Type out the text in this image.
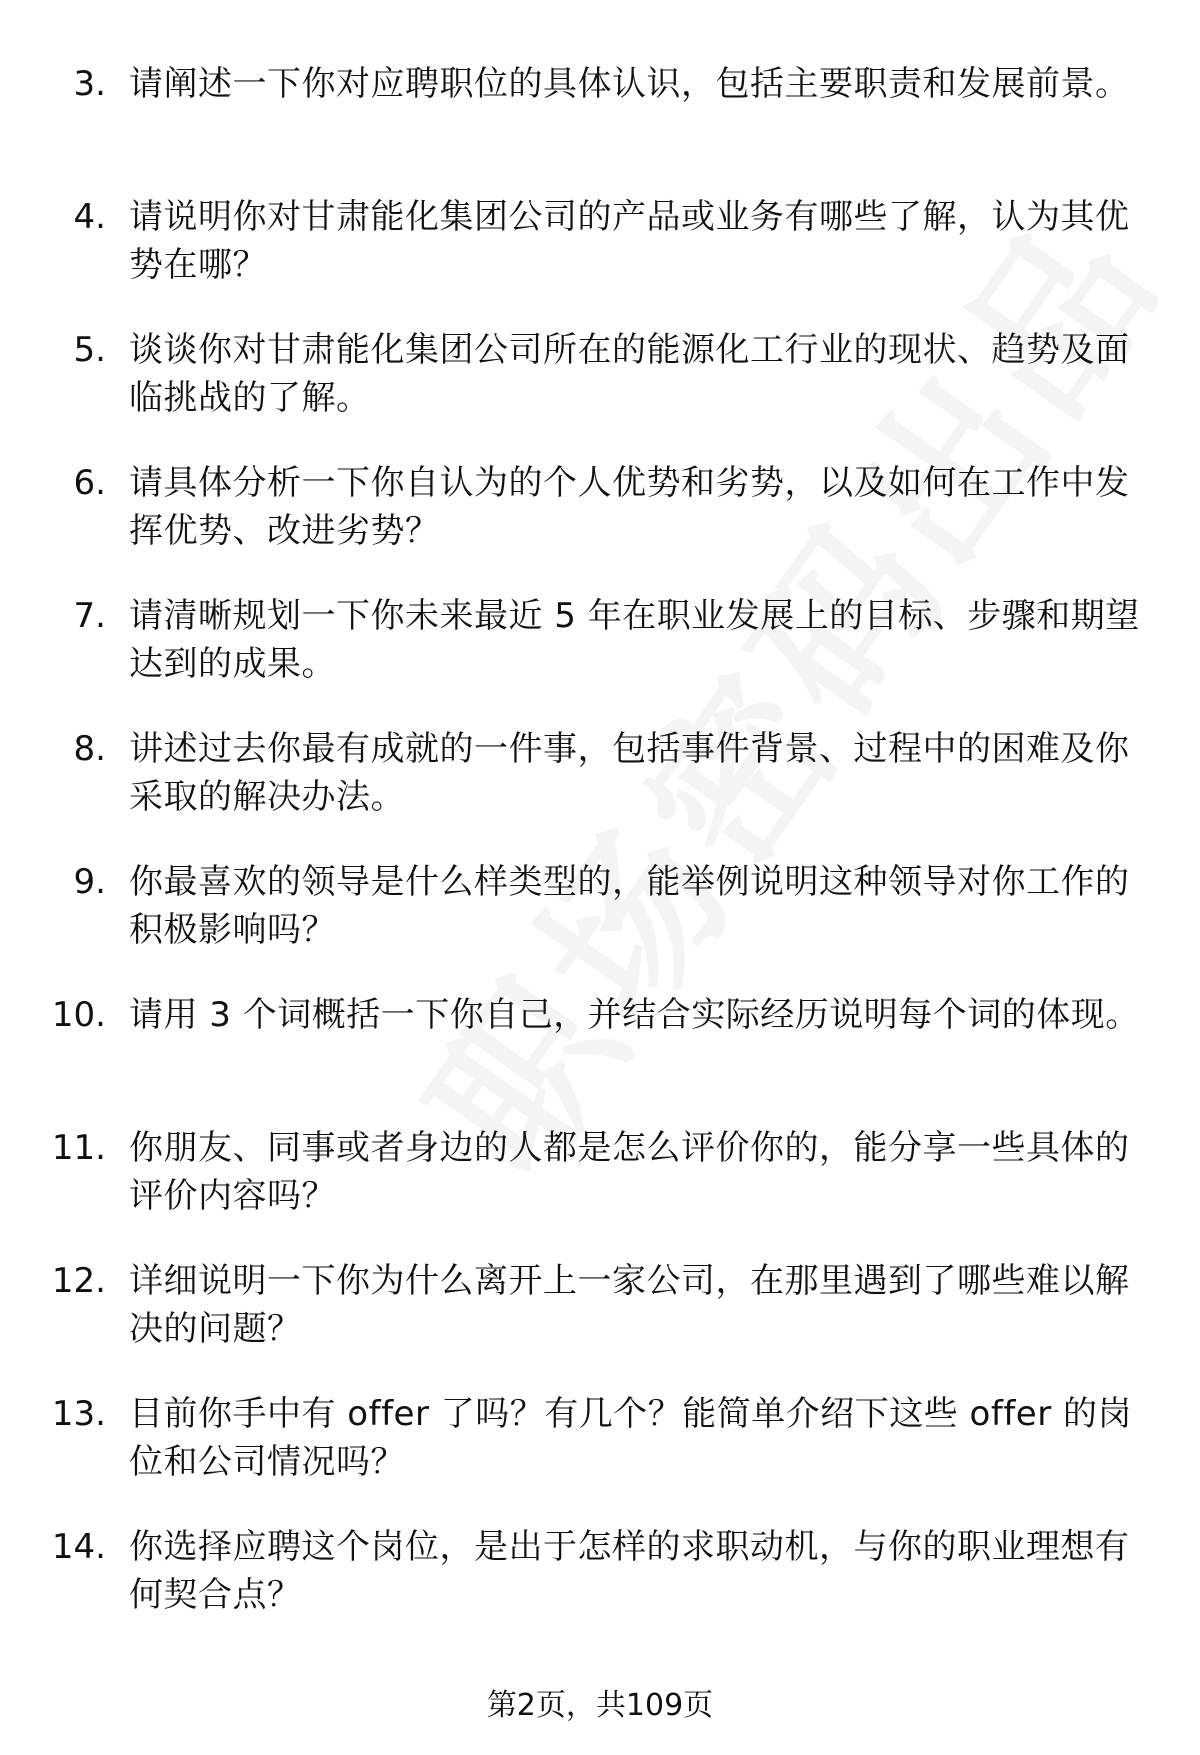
3. 请阐述一下你对应聘职位的具体认识，包括主要职责和发展前景。
4. 请说明你对甘肃能化集团公司的产品或业务有哪些了解，认为其优势在哪？
5. 谈谈你对甘肃能化集团公司所在的能源化工行业的现状、趋势及面临挑战的了解。
6. 请具体分析一下你自认为的个人优势和劣势，以及如何在工作中发挥优势、改进劣势？
7. 请清晰规划一下你未来最近 5 年在职业发展上的目标、步骤和期望达到的成果。
8. 讲述过去你最有成就的一件事，包括事件背景、过程中的困难及你采取的解决办法。
9. 你最喜欢的领导是什么样类型的，能举例说明这种领导对你工作的积极影响吗？
10. 请用 3 个词概括一下你自己，并结合实际经历说明每个词的体现。
11. 你朋友、同事或者身边的人都是怎么评价你的，能分享一些具体的评价内容吗？
12. 详细说明一下你为什么离开上一家公司，在那里遇到了哪些难以解决的问题？
13. 目前你手中有 offer 了吗？有几个？能简单介绍下这些 offer 的岗位和公司情况吗？
14. 你选择应聘这个岗位，是出于怎样的求职动机，与你的职业理想有何契合点？
第2页，共109页
